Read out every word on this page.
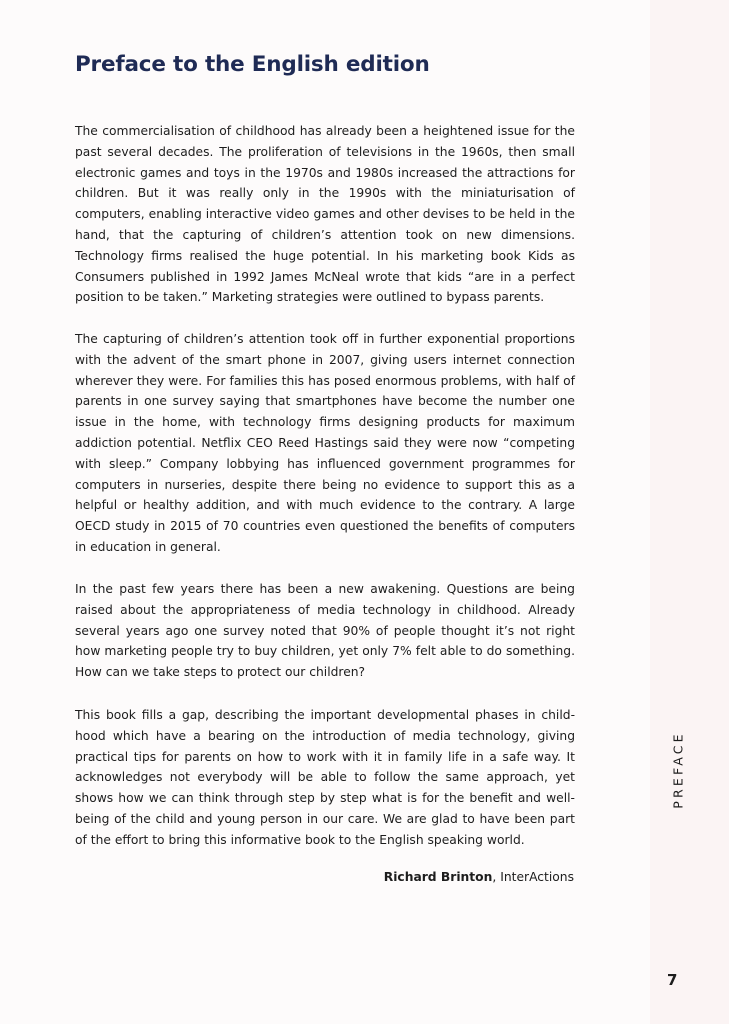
Preface to the English edition

The commercialisation of childhood has already been a heightened issue for the past several decades. The proliferation of televisions in the 1960s, then small electronic games and toys in the 1970s and 1980s increased the attractions for children. But it was really only in the 1990s with the miniaturisation of computers, enabling interactive video games and other devises to be held in the hand, that the capturing of children’s attention took on new dimensions. Technology firms realised the huge potential. In his marketing book Kids as Consumers published in 1992 James McNeal wrote that kids “are in a perfect position to be taken.” Marketing strategies were outlined to bypass parents.

The capturing of children’s attention took off in further exponential proportions with the advent of the smart phone in 2007, giving users internet connection wherever they were. For families this has posed enormous problems, with half of parents in one survey saying that smartphones have become the number one issue in the home, with technology firms designing products for maximum addiction potential. Netflix CEO Reed Hastings said they were now “competing with sleep.” Company lobbying has influenced government programmes for computers in nurseries, despite there being no evidence to support this as a helpful or healthy addition, and with much evidence to the contrary. A large OECD study in 2015 of 70 countries even questioned the benefits of computers in education in general.

In the past few years there has been a new awakening. Questions are being raised about the appropriateness of media technology in childhood. Already several years ago one survey noted that 90% of people thought it’s not right how marketing people try to buy children, yet only 7% felt able to do something. How can we take steps to protect our children?

This book fills a gap, describing the important developmental phases in childhood which have a bearing on the introduction of media technology, giving practical tips for parents on how to work with it in family life in a safe way. It acknowledges not everybody will be able to follow the same approach, yet shows how we can think through step by step what is for the benefit and well-being of the child and young person in our care. We are glad to have been part of the effort to bring this informative book to the English speaking world.

Richard Brinton, InterActions

PREFACE

7
